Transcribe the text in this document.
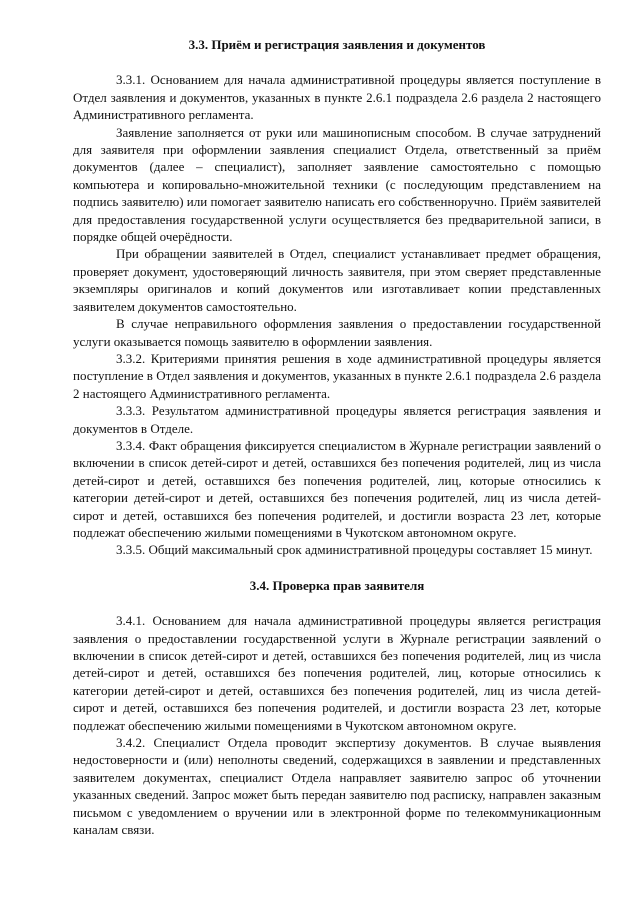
3.3. Приём и регистрация заявления и документов

3.3.1. Основанием для начала административной процедуры является поступление в Отдел заявления и документов, указанных в пункте 2.6.1 подраздела 2.6 раздела 2 настоящего Административного регламента.

Заявление заполняется от руки или машинописным способом. В случае затруднений для заявителя при оформлении заявления специалист Отдела, ответственный за приём документов (далее – специалист), заполняет заявление самостоятельно с помощью компьютера и копировально-множительной техники (с последующим представлением на подпись заявителю) или помогает заявителю написать его собственноручно. Приём заявителей для предоставления государственной услуги осуществляется без предварительной записи, в порядке общей очерёдности.

При обращении заявителей в Отдел, специалист устанавливает предмет обращения, проверяет документ, удостоверяющий личность заявителя, при этом сверяет представленные экземпляры оригиналов и копий документов или изготавливает копии представленных заявителем документов самостоятельно.

В случае неправильного оформления заявления о предоставлении государственной услуги оказывается помощь заявителю в оформлении заявления.

3.3.2. Критериями принятия решения в ходе административной процедуры является поступление в Отдел заявления и документов, указанных в пункте 2.6.1 подраздела 2.6 раздела 2 настоящего Административного регламента.

3.3.3. Результатом административной процедуры является регистрация заявления и документов в Отделе.

3.3.4. Факт обращения фиксируется специалистом в Журнале регистрации заявлений о включении в список детей-сирот и детей, оставшихся без попечения родителей, лиц из числа детей-сирот и детей, оставшихся без попечения родителей, лиц, которые относились к категории детей-сирот и детей, оставшихся без попечения родителей, лиц из числа детей-сирот и детей, оставшихся без попечения родителей, и достигли возраста 23 лет, которые подлежат обеспечению жилыми помещениями в Чукотском автономном округе.

3.3.5. Общий максимальный срок административной процедуры составляет 15 минут.

3.4. Проверка прав заявителя

3.4.1. Основанием для начала административной процедуры является регистрация заявления о предоставлении государственной услуги в Журнале регистрации заявлений о включении в список детей-сирот и детей, оставшихся без попечения родителей, лиц из числа детей-сирот и детей, оставшихся без попечения родителей, лиц, которые относились к категории детей-сирот и детей, оставшихся без попечения родителей, лиц из числа детей-сирот и детей, оставшихся без попечения родителей, и достигли возраста 23 лет, которые подлежат обеспечению жилыми помещениями в Чукотском автономном округе.

3.4.2. Специалист Отдела проводит экспертизу документов. В случае выявления недостоверности и (или) неполноты сведений, содержащихся в заявлении и представленных заявителем документах, специалист Отдела направляет заявителю запрос об уточнении указанных сведений. Запрос может быть передан заявителю под расписку, направлен заказным письмом с уведомлением о вручении или в электронной форме по телекоммуникационным каналам связи.
